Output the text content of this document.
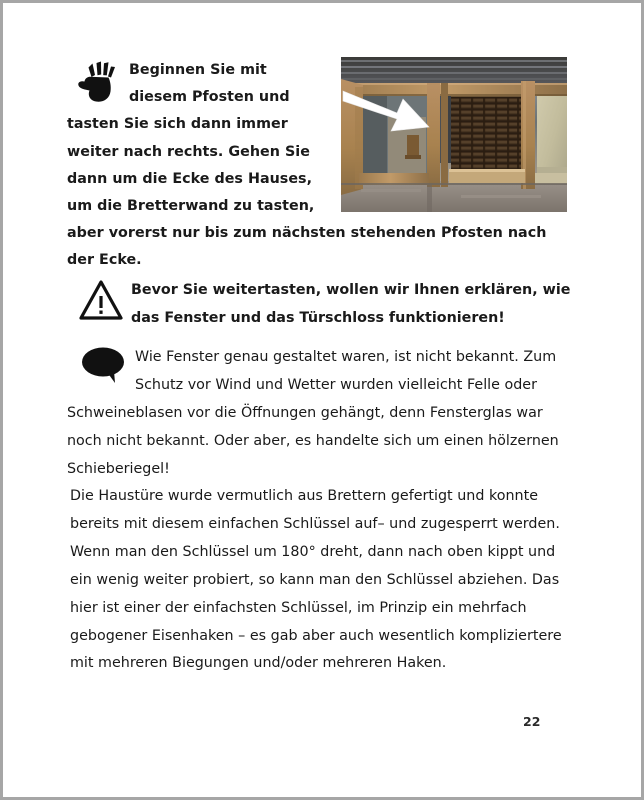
Beginnen Sie mit diesem Pfosten und tasten Sie sich dann immer weiter nach rechts. Gehen Sie dann um die Ecke des Hauses, um die Bretterwand zu tasten, aber vorerst nur bis zum nächsten stehenden Pfosten nach der Ecke.

Bevor Sie weitertasten, wollen wir Ihnen erklären, wie das Fenster und das Türschloss funktionieren!

Wie Fenster genau gestaltet waren, ist nicht bekannt. Zum Schutz vor Wind und Wetter wurden vielleicht Felle oder Schweineblasen vor die Öffnungen gehängt, denn Fensterglas war noch nicht bekannt. Oder aber, es handelte sich um einen hölzernen Schieberiegel!

Die Haustüre wurde vermutlich aus Brettern gefertigt und konnte bereits mit diesem einfachen Schlüssel auf– und zugesperrt werden. Wenn man den Schlüssel um 180° dreht, dann nach oben kippt und ein wenig weiter probiert, so kann man den Schlüssel abziehen. Das hier ist einer der einfachsten Schlüssel, im Prinzip ein mehrfach gebogener Eisenhaken – es gab aber auch wesentlich kompliziertere mit mehreren Biegungen und/oder mehreren Haken.

22
